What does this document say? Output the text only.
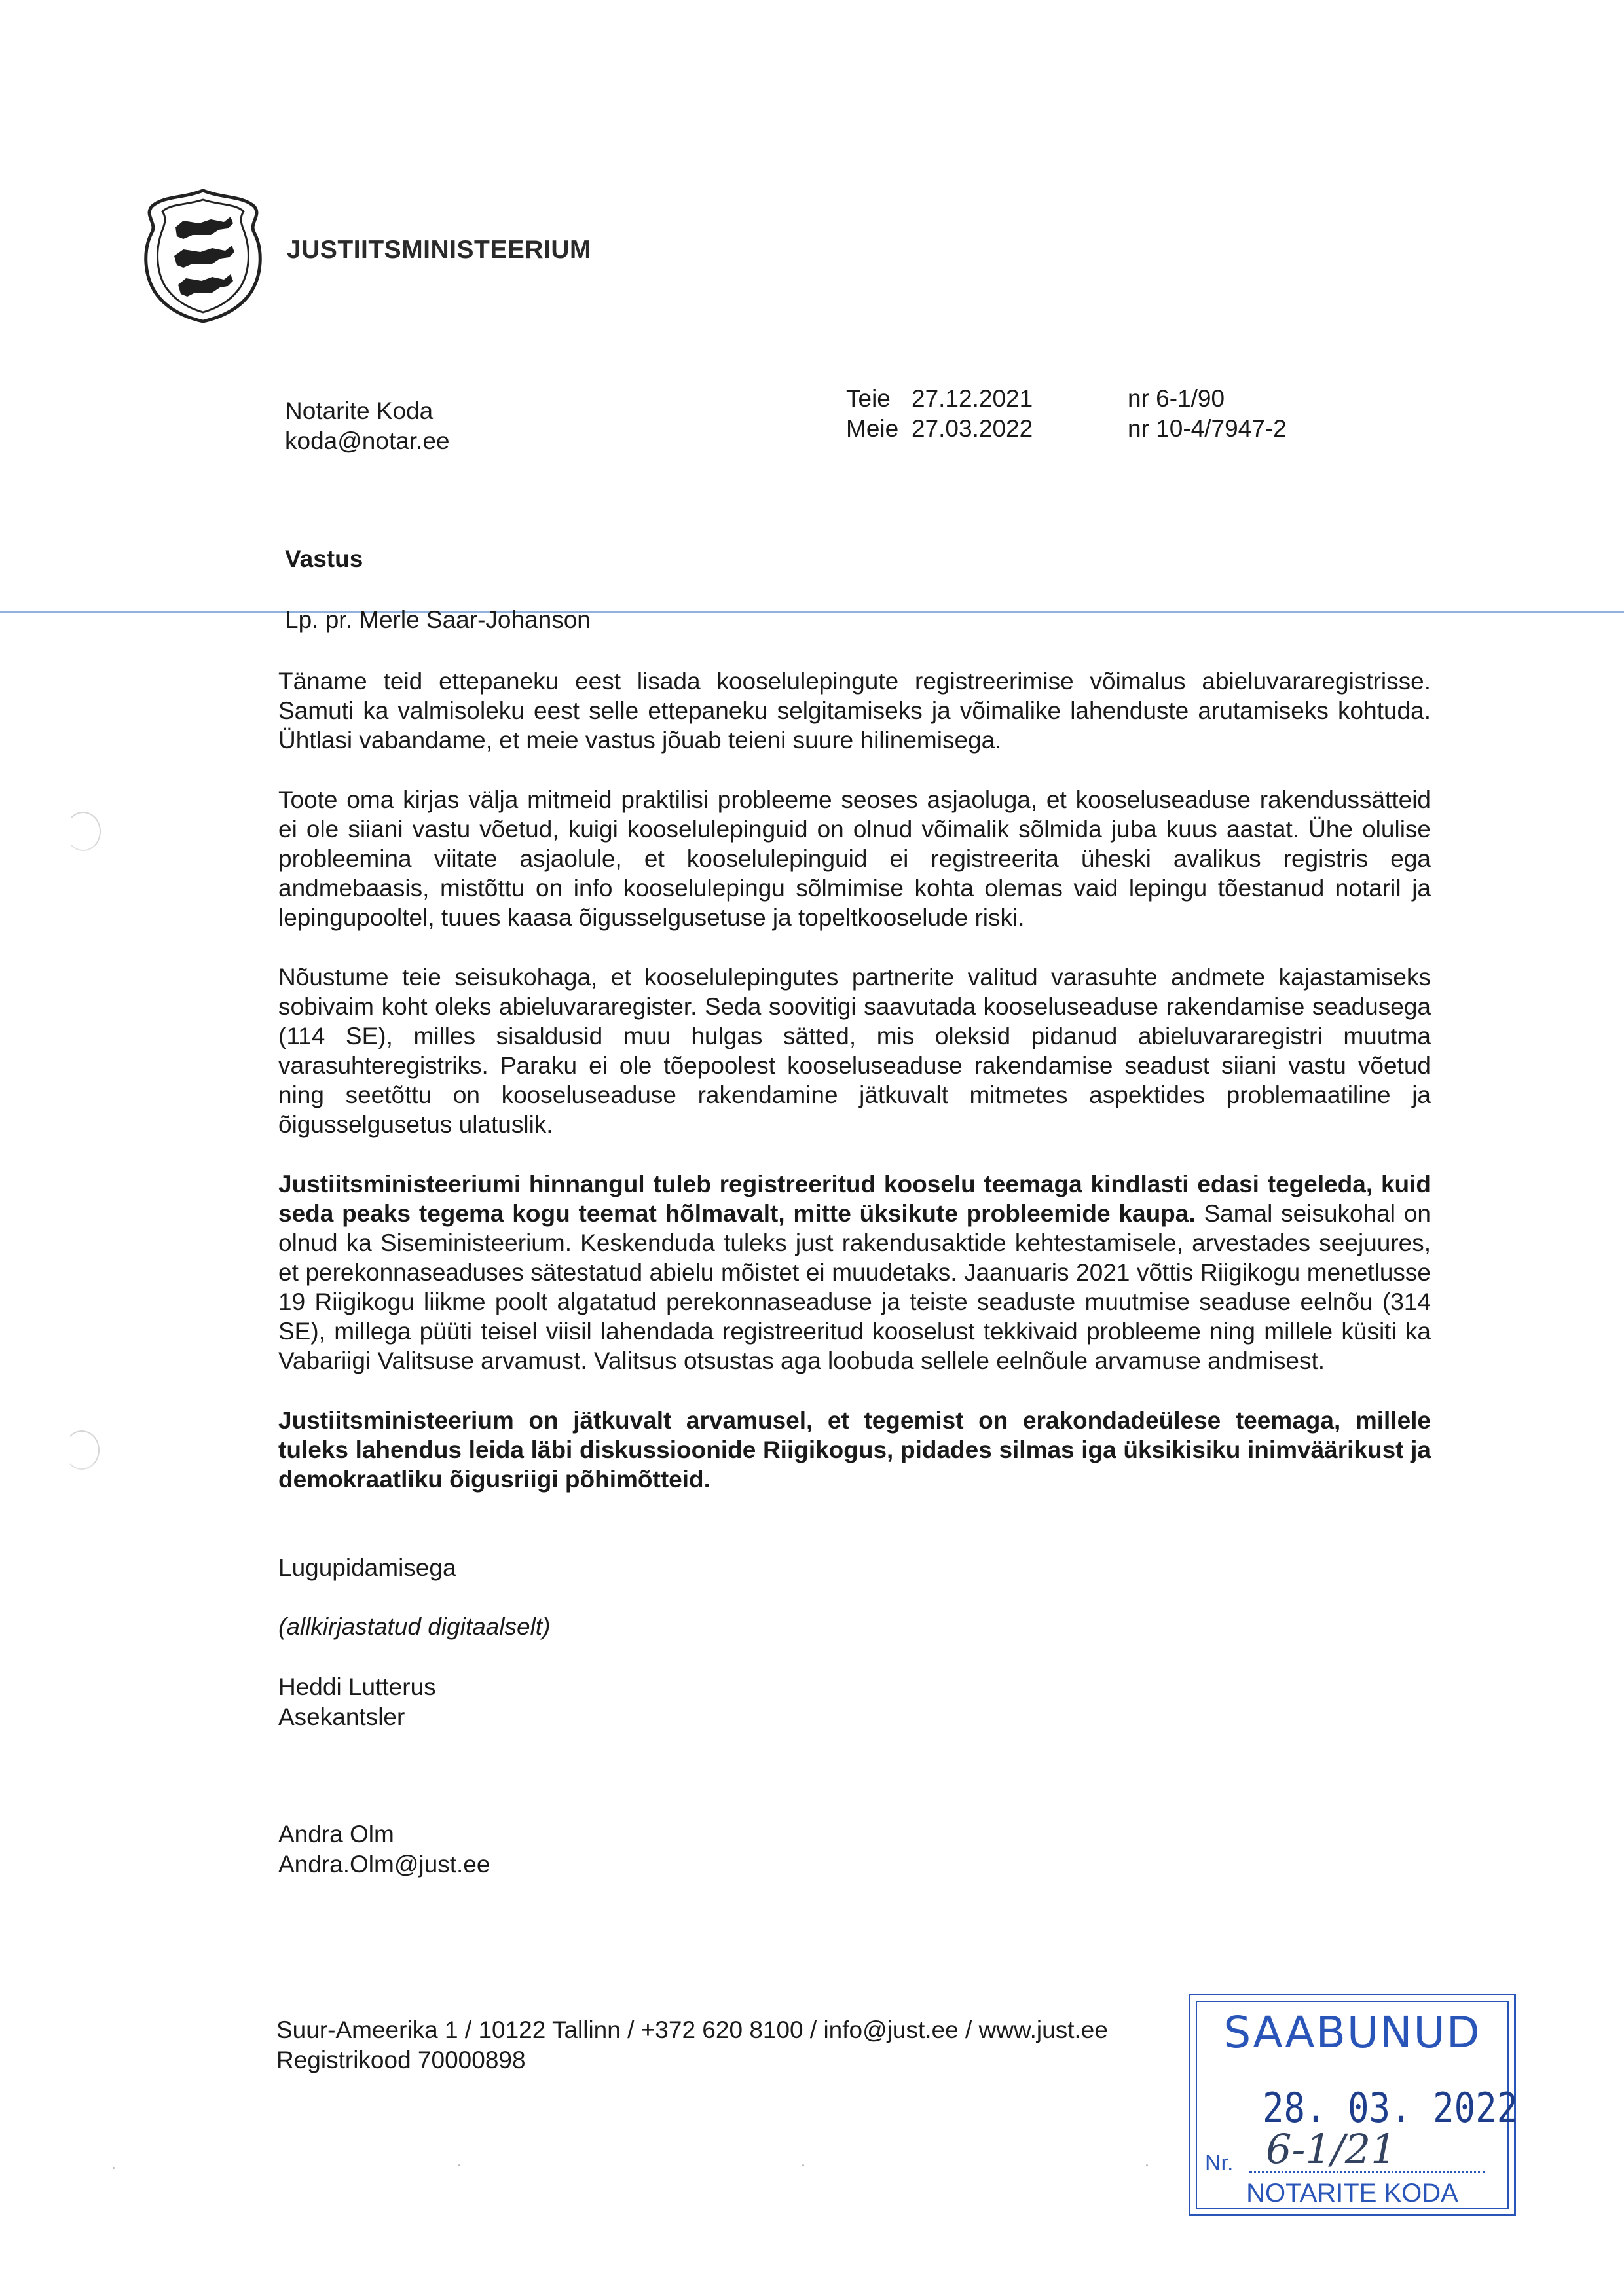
JUSTIITSMINISTEERIUM
Notarite Koda
koda@notar.ee
Teie 27.12.2021	nr 6-1/90
Meie 27.03.2022	nr 10-4/7947-2
Vastus
Lp. pr. Merle Saar-Johanson

Täname teid ettepaneku eest lisada kooselulepingute registreerimise võimalus abieluvararegistrisse. Samuti ka valmisoleku eest selle ettepaneku selgitamiseks ja võimalike lahenduste arutamiseks kohtuda. Ühtlasi vabandame, et meie vastus jõuab teieni suure hilinemisega.

Toote oma kirjas välja mitmeid praktilisi probleeme seoses asjaoluga, et kooseluseaduse rakendussätteid ei ole siiani vastu võetud, kuigi kooselulepinguid on olnud võimalik sõlmida juba kuus aastat. Ühe olulise probleemina viitate asjaolule, et kooselulepinguid ei registreerita üheski avalikus registris ega andmebaasis, mistõttu on info kooselulepingu sõlmimise kohta olemas vaid lepingu tõestanud notaril ja lepingupooltel, tuues kaasa õigusselgusetuse ja topeltkooselude riski.

Nõustume teie seisukohaga, et kooselulepingutes partnerite valitud varasuhte andmete kajastamiseks sobivaim koht oleks abieluvararegister. Seda soovitigi saavutada kooseluseaduse rakendamise seadusega (114 SE), milles sisaldusid muu hulgas sätted, mis oleksid pidanud abieluvararegistri muutma varasuhteregistriks. Paraku ei ole tõepoolest kooseluseaduse rakendamise seadust siiani vastu võetud ning seetõttu on kooseluseaduse rakendamine jätkuvalt mitmetes aspektides problemaatiline ja õigusselgusetus ulatuslik.

Justiitsministeeriumi hinnangul tuleb registreeritud kooselu teemaga kindlasti edasi tegeleda, kuid seda peaks tegema kogu teemat hõlmavalt, mitte üksikute probleemide kaupa. Samal seisukohal on olnud ka Siseministeerium. Keskenduda tuleks just rakendusaktide kehtestamisele, arvestades seejuures, et perekonnaseaduses sätestatud abielu mõistet ei muudetaks. Jaanuaris 2021 võttis Riigikogu menetlusse 19 Riigikogu liikme poolt algatatud perekonnaseaduse ja teiste seaduste muutmise seaduse eelnõu (314 SE), millega püüti teisel viisil lahendada registreeritud kooselust tekkivaid probleeme ning millele küsiti ka Vabariigi Valitsuse arvamust. Valitsus otsustas aga loobuda sellele eelnõule arvamuse andmisest.

Justiitsministeerium on jätkuvalt arvamusel, et tegemist on erakondadeülese teemaga, millele tuleks lahendus leida läbi diskussioonide Riigikogus, pidades silmas iga üksikisiku inimväärikust ja demokraatliku õigusriigi põhimõtteid.

Lugupidamisega
(allkirjastatud digitaalselt)
Heddi Lutterus
Asekantsler
Andra Olm
Andra.Olm@just.ee
Suur-Ameerika 1 / 10122 Tallinn / +372 620 8100 / info@just.ee / www.just.ee
Registrikood 70000898
SAABUNUD
28. 03. 2022
Nr. 6-1/21
NOTARITE KODA
